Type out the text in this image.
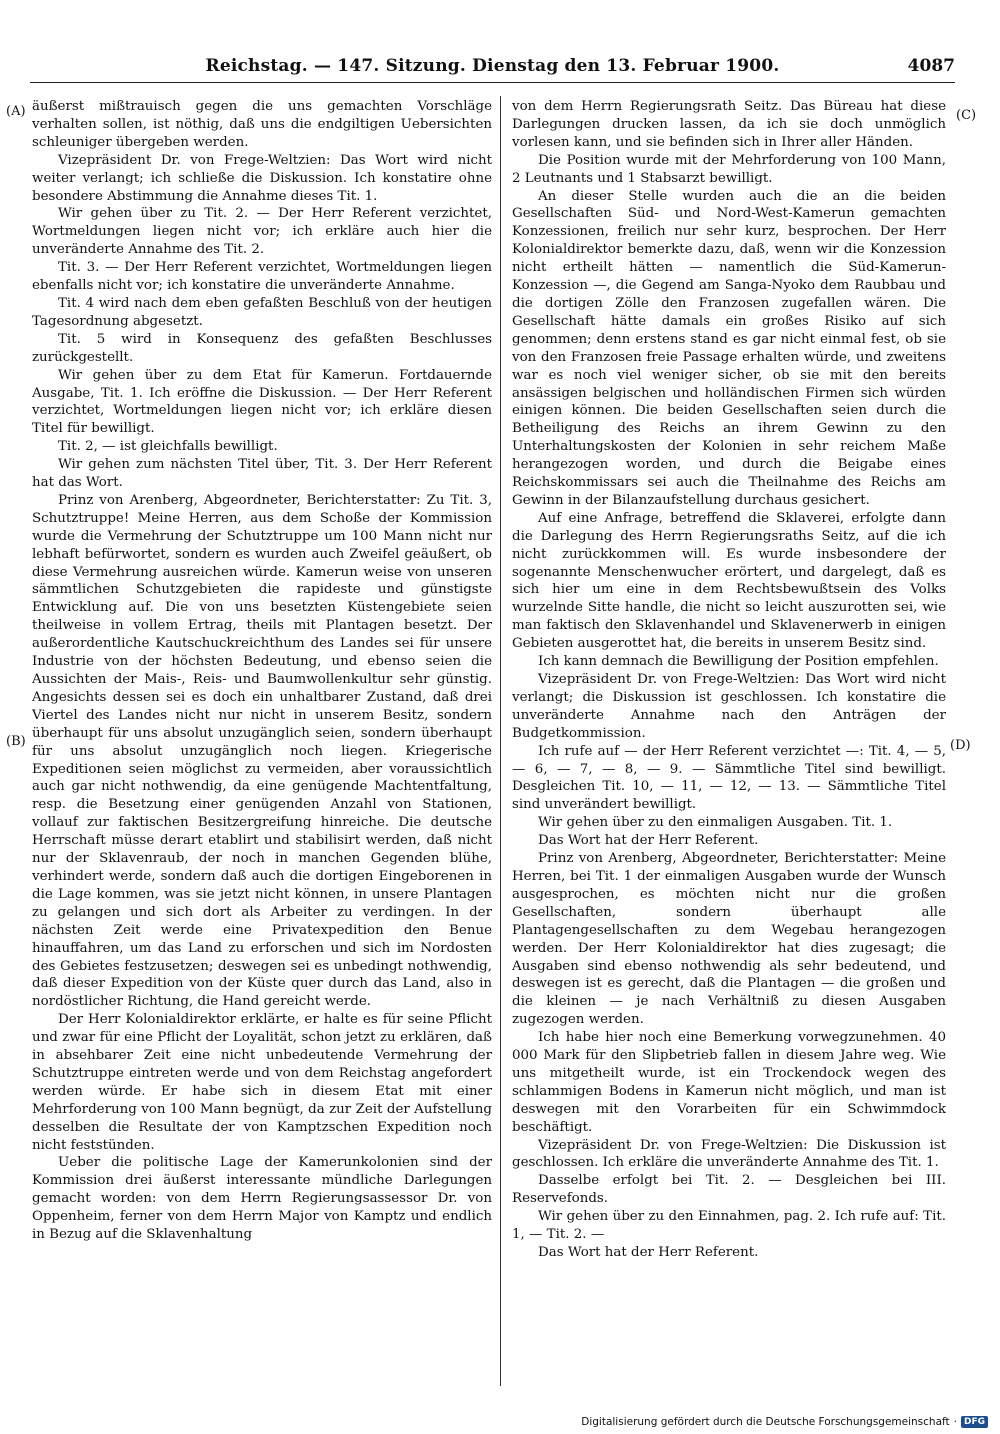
Reichstag. — 147. Sitzung. Dienstag den 13. Februar 1900.	4087
(A)
(B)
(C)
(D)

äußerst mißtrauisch gegen die uns gemachten Vorschläge verhalten sollen, ist nöthig, daß uns die endgiltigen Uebersichten schleuniger übergeben werden.

Vizepräsident Dr. von Frege-Weltzien: Das Wort wird nicht weiter verlangt; ich schließe die Diskussion. Ich konstatire ohne besondere Abstimmung die Annahme dieses Tit. 1.

Wir gehen über zu Tit. 2. — Der Herr Referent verzichtet, Wortmeldungen liegen nicht vor; ich erkläre auch hier die unveränderte Annahme des Tit. 2.

Tit. 3. — Der Herr Referent verzichtet, Wortmeldungen liegen ebenfalls nicht vor; ich konstatire die unveränderte Annahme.

Tit. 4 wird nach dem eben gefaßten Beschluß von der heutigen Tagesordnung abgesetzt.

Tit. 5 wird in Konsequenz des gefaßten Beschlusses zurückgestellt.

Wir gehen über zu dem Etat für Kamerun. Fortdauernde Ausgabe, Tit. 1. Ich eröffne die Diskussion. — Der Herr Referent verzichtet, Wortmeldungen liegen nicht vor; ich erkläre diesen Titel für bewilligt.

Tit. 2, — ist gleichfalls bewilligt.

Wir gehen zum nächsten Titel über, Tit. 3. Der Herr Referent hat das Wort.

Prinz von Arenberg, Abgeordneter, Berichterstatter: Zu Tit. 3, Schutztruppe! Meine Herren, aus dem Schoße der Kommission wurde die Vermehrung der Schutztruppe um 100 Mann nicht nur lebhaft befürwortet, sondern es wurden auch Zweifel geäußert, ob diese Vermehrung ausreichen würde. Kamerun weise von unseren sämmtlichen Schutzgebieten die rapideste und günstigste Entwicklung auf. Die von uns besetzten Küstengebiete seien theilweise in vollem Ertrag, theils mit Plantagen besetzt. Der außerordentliche Kautschuckreichthum des Landes sei für unsere Industrie von der höchsten Bedeutung, und ebenso seien die Aussichten der Mais-, Reis- und Baumwollenkultur sehr günstig. Angesichts dessen sei es doch ein unhaltbarer Zustand, daß drei Viertel des Landes nicht nur nicht in unserem Besitz, sondern überhaupt für uns absolut unzugänglich seien, sondern überhaupt für uns absolut unzugänglich noch liegen. Kriegerische Expeditionen seien möglichst zu vermeiden, aber voraussichtlich auch gar nicht nothwendig, da eine genügende Machtentfaltung, resp. die Besetzung einer genügenden Anzahl von Stationen, vollauf zur faktischen Besitzergreifung hinreiche. Die deutsche Herrschaft müsse derart etablirt und stabilisirt werden, daß nicht nur der Sklavenraub, der noch in manchen Gegenden blühe, verhindert werde, sondern daß auch die dortigen Eingeborenen in die Lage kommen, was sie jetzt nicht können, in unsere Plantagen zu gelangen und sich dort als Arbeiter zu verdingen. In der nächsten Zeit werde eine Privatexpedition den Benue hinauffahren, um das Land zu erforschen und sich im Nordosten des Gebietes festzusetzen; deswegen sei es unbedingt nothwendig, daß dieser Expedition von der Küste quer durch das Land, also in nordöstlicher Richtung, die Hand gereicht werde.

Der Herr Kolonialdirektor erklärte, er halte es für seine Pflicht und zwar für eine Pflicht der Loyalität, schon jetzt zu erklären, daß in absehbarer Zeit eine nicht unbedeutende Vermehrung der Schutztruppe eintreten werde und von dem Reichstag angefordert werden würde. Er habe sich in diesem Etat mit einer Mehrforderung von 100 Mann begnügt, da zur Zeit der Aufstellung desselben die Resultate der von Kamptzschen Expedition noch nicht feststünden.

Ueber die politische Lage der Kamerunkolonien sind der Kommission drei äußerst interessante mündliche Darlegungen gemacht worden: von dem Herrn Regierungsassessor Dr. von Oppenheim, ferner von dem Herrn Major von Kamptz und endlich in Bezug auf die Sklavenhaltung

von dem Herrn Regierungsrath Seitz. Das Büreau hat diese Darlegungen drucken lassen, da ich sie doch unmöglich vorlesen kann, und sie befinden sich in Ihrer aller Händen.

Die Position wurde mit der Mehrforderung von 100 Mann, 2 Leutnants und 1 Stabsarzt bewilligt.

An dieser Stelle wurden auch die an die beiden Gesellschaften Süd- und Nord-West-Kamerun gemachten Konzessionen, freilich nur sehr kurz, besprochen. Der Herr Kolonialdirektor bemerkte dazu, daß, wenn wir die Konzession nicht ertheilt hätten — namentlich die Süd-Kamerun-Konzession —, die Gegend am Sanga-Nyoko dem Raubbau und die dortigen Zölle den Franzosen zugefallen wären. Die Gesellschaft hätte damals ein großes Risiko auf sich genommen; denn erstens stand es gar nicht einmal fest, ob sie von den Franzosen freie Passage erhalten würde, und zweitens war es noch viel weniger sicher, ob sie mit den bereits ansässigen belgischen und holländischen Firmen sich würden einigen können. Die beiden Gesellschaften seien durch die Betheiligung des Reichs an ihrem Gewinn zu den Unterhaltungskosten der Kolonien in sehr reichem Maße herangezogen worden, und durch die Beigabe eines Reichskommissars sei auch die Theilnahme des Reichs am Gewinn in der Bilanzaufstellung durchaus gesichert.

Auf eine Anfrage, betreffend die Sklaverei, erfolgte dann die Darlegung des Herrn Regierungsraths Seitz, auf die ich nicht zurückkommen will. Es wurde insbesondere der sogenannte Menschenwucher erörtert, und dargelegt, daß es sich hier um eine in dem Rechtsbewußtsein des Volks wurzelnde Sitte handle, die nicht so leicht auszurotten sei, wie man faktisch den Sklavenhandel und Sklavenerwerb in einigen Gebieten ausgerottet hat, die bereits in unserem Besitz sind.

Ich kann demnach die Bewilligung der Position empfehlen.

Vizepräsident Dr. von Frege-Weltzien: Das Wort wird nicht verlangt; die Diskussion ist geschlossen. Ich konstatire die unveränderte Annahme nach den Anträgen der Budgetkommission.

Ich rufe auf — der Herr Referent verzichtet —: Tit. 4, — 5, — 6, — 7, — 8, — 9. — Sämmtliche Titel sind bewilligt. Desgleichen Tit. 10, — 11, — 12, — 13. — Sämmtliche Titel sind unverändert bewilligt.

Wir gehen über zu den einmaligen Ausgaben. Tit. 1.

Das Wort hat der Herr Referent.

Prinz von Arenberg, Abgeordneter, Berichterstatter: Meine Herren, bei Tit. 1 der einmaligen Ausgaben wurde der Wunsch ausgesprochen, es möchten nicht nur die großen Gesellschaften, sondern überhaupt alle Plantagengesellschaften zu dem Wegebau herangezogen werden. Der Herr Kolonialdirektor hat dies zugesagt; die Ausgaben sind ebenso nothwendig als sehr bedeutend, und deswegen ist es gerecht, daß die Plantagen — die großen und die kleinen — je nach Verhältniß zu diesen Ausgaben zugezogen werden.

Ich habe hier noch eine Bemerkung vorwegzunehmen. 40 000 Mark für den Slipbetrieb fallen in diesem Jahre weg. Wie uns mitgetheilt wurde, ist ein Trockendock wegen des schlammigen Bodens in Kamerun nicht möglich, und man ist deswegen mit den Vorarbeiten für ein Schwimmdock beschäftigt.

Vizepräsident Dr. von Frege-Weltzien: Die Diskussion ist geschlossen. Ich erkläre die unveränderte Annahme des Tit. 1.

Dasselbe erfolgt bei Tit. 2. — Desgleichen bei III. Reservefonds.

Wir gehen über zu den Einnahmen, pag. 2. Ich rufe auf: Tit. 1, — Tit. 2. —

Das Wort hat der Herr Referent.

Digitalisierung gefördert durch die Deutsche Forschungsgemeinschaft · DFG
